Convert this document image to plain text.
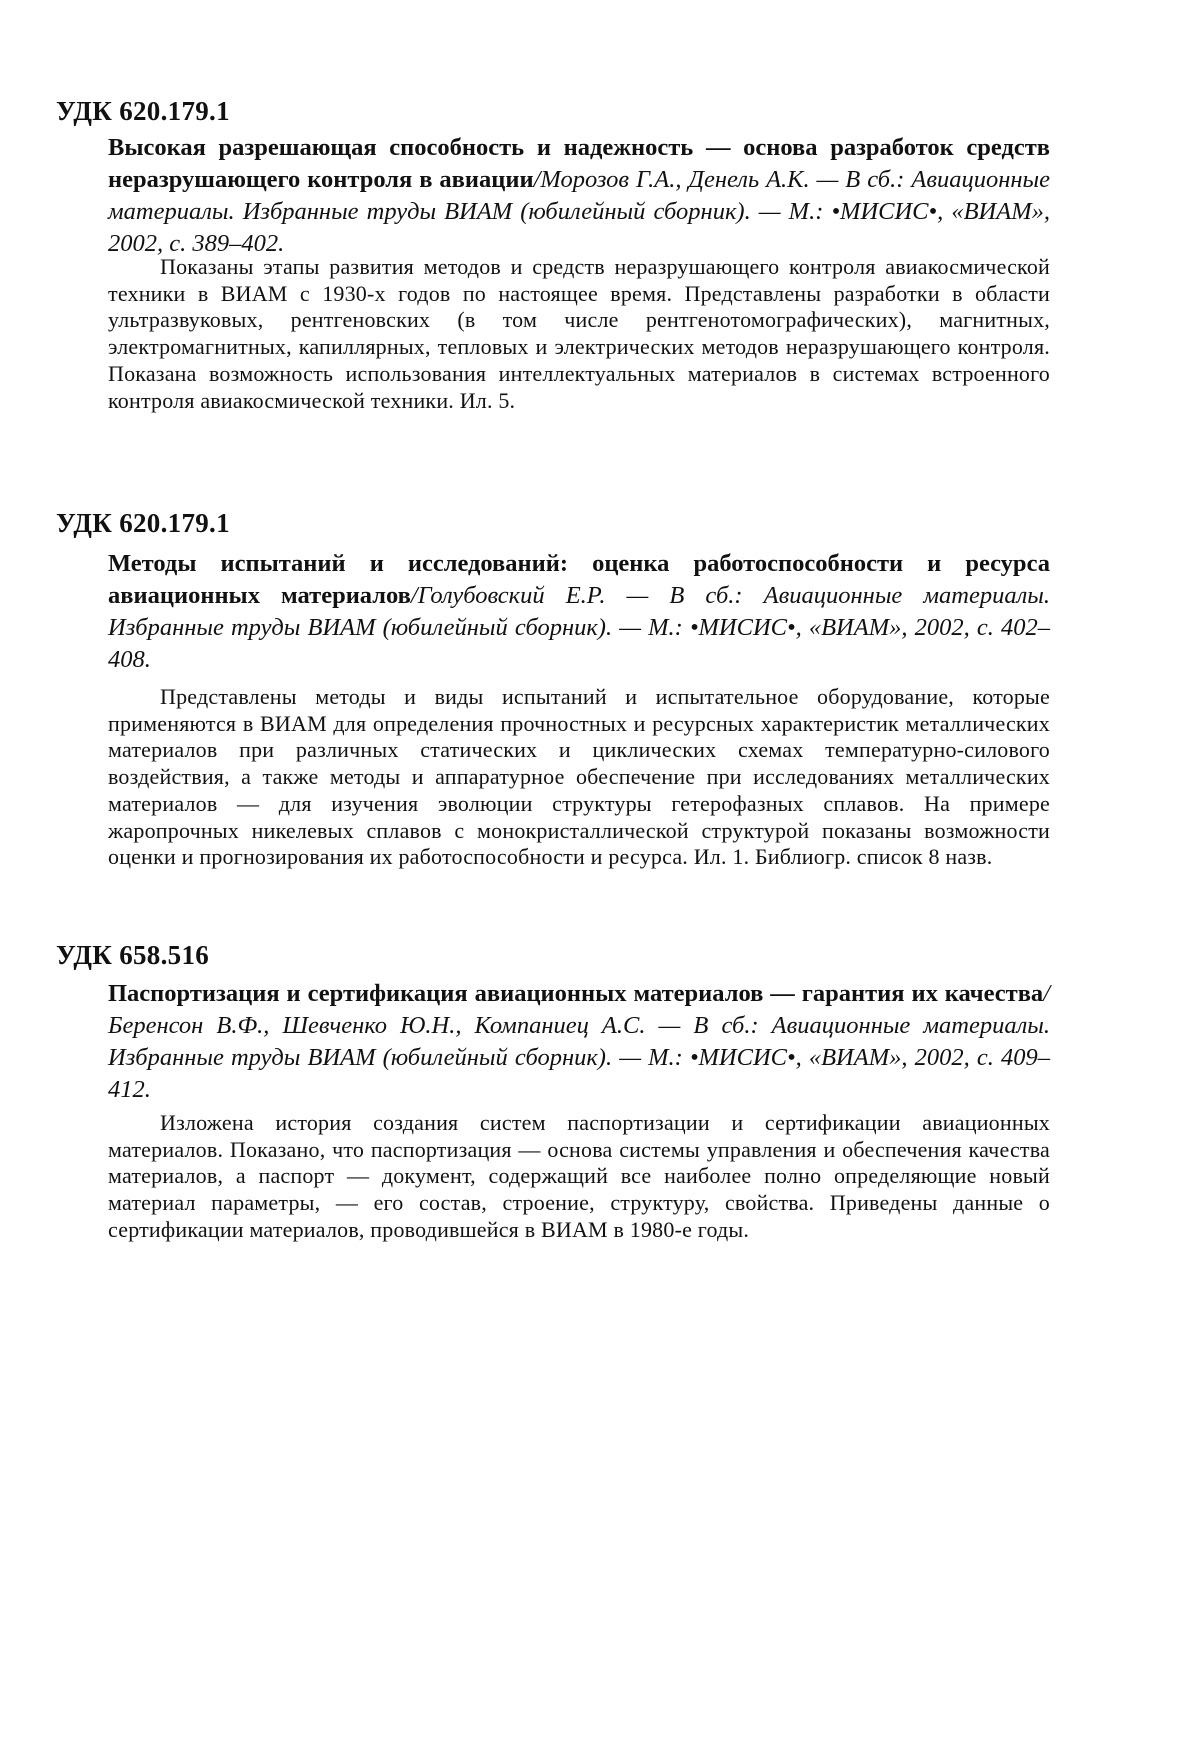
УДК 620.179.1
Высокая разрешающая способность и надежность — основа разработок средств неразрушающего контроля в авиации/Морозов Г.А., Денель А.К. — В сб.: Авиационные материалы. Избранные труды ВИАМ (юбилейный сборник). — М.: •МИСИС•, «ВИАМ», 2002, с. 389–402.
Показаны этапы развития методов и средств неразрушающего контроля авиакосмической техники в ВИАМ с 1930-х годов по настоящее время. Представлены разработки в области ультразвуковых, рентгеновских (в том числе рентгенотомографических), магнитных, электромагнитных, капиллярных, тепловых и электрических методов неразрушающего контроля. Показана возможность использования интеллектуальных материалов в системах встроенного контроля авиакосмической техники. Ил. 5.
УДК 620.179.1
Методы испытаний и исследований: оценка работоспособности и ресурса авиационных материалов/Голубовский Е.Р. — В сб.: Авиационные материалы. Избранные труды ВИАМ (юбилейный сборник). — М.: •МИСИС•, «ВИАМ», 2002, с. 402–408.
Представлены методы и виды испытаний и испытательное оборудование, которые применяются в ВИАМ для определения прочностных и ресурсных характеристик металлических материалов при различных статических и циклических схемах температурно-силового воздействия, а также методы и аппаратурное обеспечение при исследованиях металлических материалов — для изучения эволюции структуры гетерофазных сплавов. На примере жаропрочных никелевых сплавов с монокристаллической структурой показаны возможности оценки и прогнозирования их работоспособности и ресурса. Ил. 1. Библиогр. список 8 назв.
УДК 658.516
Паспортизация и сертификация авиационных материалов — гарантия их качества/Беренсон В.Ф., Шевченко Ю.Н., Компаниец А.С. — В сб.: Авиационные материалы. Избранные труды ВИАМ (юбилейный сборник). — М.: •МИСИС•, «ВИАМ», 2002, с. 409–412.
Изложена история создания систем паспортизации и сертификации авиационных материалов. Показано, что паспортизация — основа системы управления и обеспечения качества материалов, а паспорт — документ, содержащий все наиболее полно определяющие новый материал параметры, — его состав, строение, структуру, свойства. Приведены данные о сертификации материалов, проводившейся в ВИАМ в 1980-е годы.
